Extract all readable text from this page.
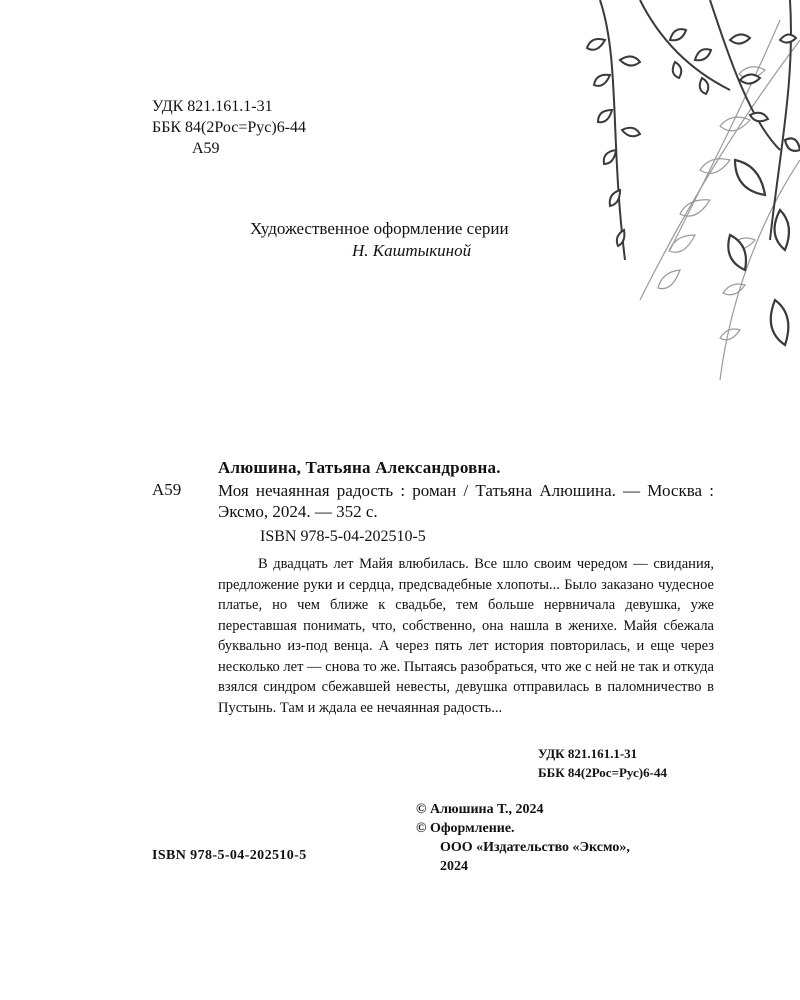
УДК 821.161.1-31
ББК 84(2Рос=Рус)6-44
А59
Художественное оформление серии
Н. Каштыкиной
Алюшина, Татьяна Александровна.
А59 Моя нечаянная радость : роман / Татьяна Алюшина. — Москва : Эксмо, 2024. — 352 с.
ISBN 978-5-04-202510-5
В двадцать лет Майя влюбилась. Все шло своим чередом — свидания, предложение руки и сердца, предсвадебные хлопоты... Было заказано чудесное платье, но чем ближе к свадьбе, тем больше нервничала девушка, уже переставшая понимать, что, собственно, она нашла в женихе. Майя сбежала буквально из-под венца. А через пять лет история повторилась, и еще через несколько лет — снова то же. Пытаясь разобраться, что же с ней не так и откуда взялся синдром сбежавшей невесты, девушка отправилась в паломничество в Пустынь. Там и ждала ее нечаянная радость...
УДК 821.161.1-31
ББК 84(2Рос=Рус)6-44
© Алюшина Т., 2024
© Оформление.
ООО «Издательство «Эксмо»,
2024
ISBN 978-5-04-202510-5
